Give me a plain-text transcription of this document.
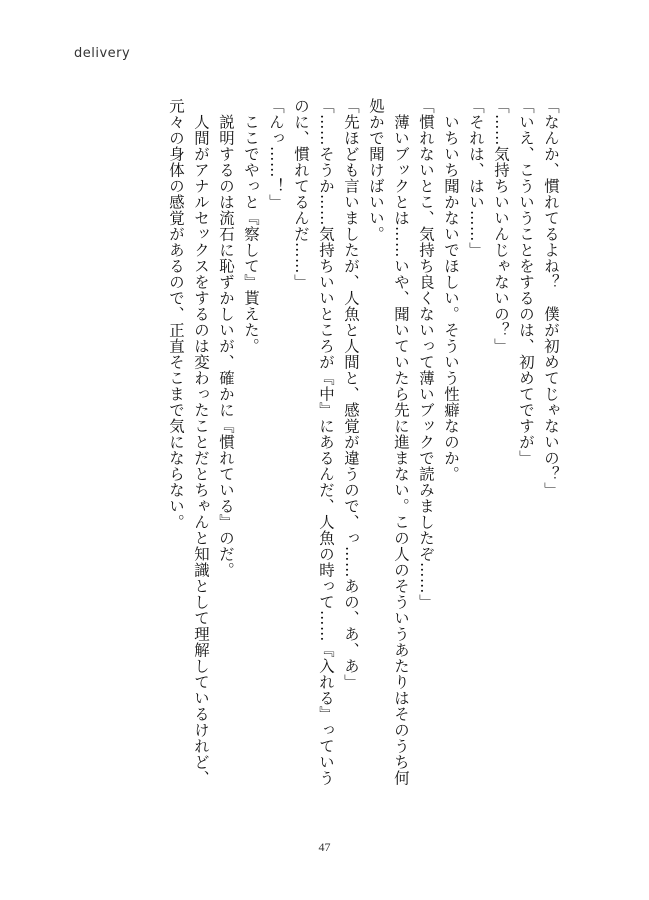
delivery

「なんか、慣れてるよね？　僕が初めてじゃないの？」

「いえ、こういうことをするのは、初めてですが」

「……気持ちいいんじゃないの？」

「それは、はい……」

　いちいち聞かないでほしい。そういう性癖なのか。

「慣れないとこ、気持ち良くないって薄いブックで読みましたぞ……」

　薄いブックとは……いや、聞いていたら先に進まない。この人のそういうあたりはそのうち何

処かで聞けばいい。

「先ほども言いましたが、人魚と人間と、感覚が違うので、っ……あの、あ、あ」

「……そうか……気持ちいいところが『中』にあるんだ、人魚の時って……『入れる』っていう

のに、慣れてるんだ……」

「んっ……！」

　ここでやっと『察して』貰えた。

　説明するのは流石に恥ずかしいが、確かに『慣れている』のだ。

　人間がアナルセックスをするのは変わったことだとちゃんと知識として理解しているけれど、

元々の身体の感覚があるので、正直そこまで気にならない。

47
